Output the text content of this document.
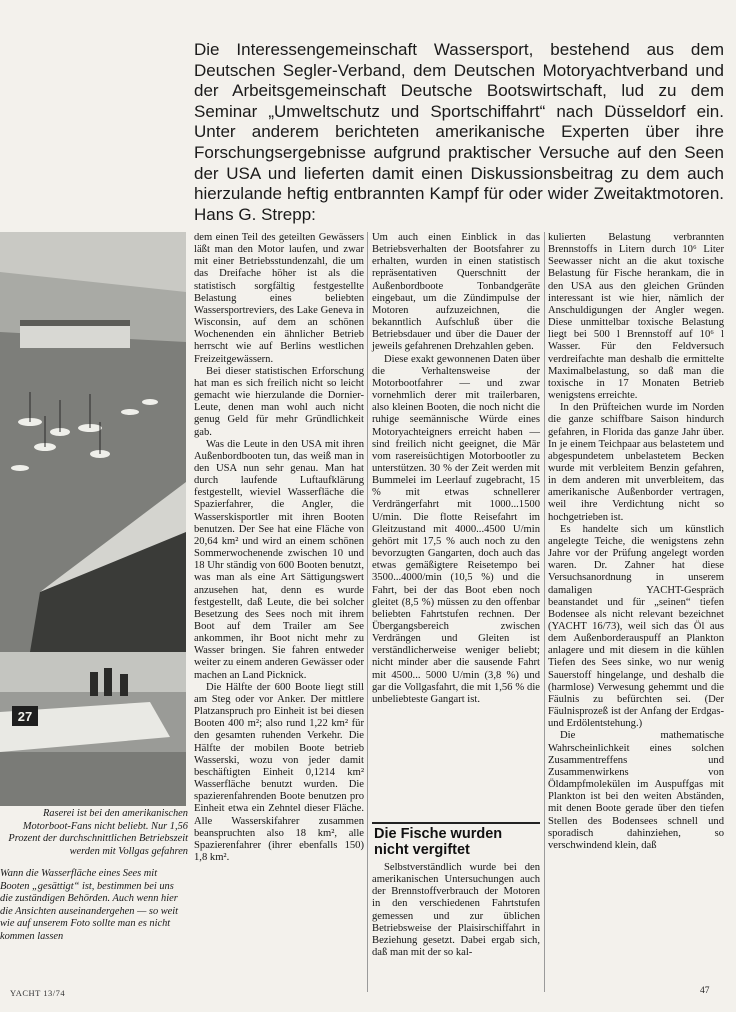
Die Interessengemeinschaft Wassersport, bestehend aus dem Deutschen Segler-Verband, dem Deutschen Motoryachtverband und der Arbeitsgemeinschaft Deutsche Bootswirtschaft, lud zu dem Seminar „Umweltschutz und Sportschiffahrt“ nach Düsseldorf ein. Unter anderem berichteten amerikanische Experten über ihre Forschungsergebnisse aufgrund praktischer Versuche auf den Seen der USA und lieferten damit einen Diskussionsbeitrag zu dem auch hierzulande heftig entbrannten Kampf für oder wider Zweitaktmotoren. Hans G. Strepp:

27

Raserei ist bei den amerikanischen Motorboot-Fans nicht beliebt. Nur 1,56 Prozent der durchschnittlichen Betriebszeit werden mit Vollgas gefahren

Wann die Wasserfläche eines Sees mit Booten „gesättigt“ ist, bestimmen bei uns die zuständigen Behörden. Auch wenn hier die Ansichten auseinandergehen — so weit wie auf unserem Foto sollte man es nicht kommen lassen

dem einen Teil des geteilten Gewässers läßt man den Motor laufen, und zwar mit einer Betriebsstundenzahl, die um das Dreifache höher ist als die statistisch sorgfältig festgestellte Belastung eines beliebten Wassersportreviers, des Lake Geneva in Wisconsin, auf dem an schönen Wochenenden ein ähnlicher Betrieb herrscht wie auf Berlins westlichen Freizeitgewässern.

Bei dieser statistischen Erforschung hat man es sich freilich nicht so leicht gemacht wie hierzulande die Dornier-Leute, denen man wohl auch nicht genug Geld für mehr Gründlichkeit gab.

Was die Leute in den USA mit ihren Außenbordbooten tun, das weiß man in den USA nun sehr genau. Man hat durch laufende Luftaufklärung festgestellt, wieviel Wasserfläche die Spazierfahrer, die Angler, die Wasserskisportler mit ihren Booten benutzen. Der See hat eine Fläche von 20,64 km² und wird an einem schönen Sommerwochenende zwischen 10 und 18 Uhr ständig von 600 Booten benutzt, was man als eine Art Sättigungswert anzusehen hat, denn es wurde festgestellt, daß Leute, die bei solcher Besetzung des Sees noch mit ihrem Boot auf dem Trailer am See ankommen, ihr Boot nicht mehr zu Wasser bringen. Sie fahren entweder weiter zu einem anderen Gewässer oder machen an Land Picknick.

Die Hälfte der 600 Boote liegt still am Steg oder vor Anker. Der mittlere Platzanspruch pro Einheit ist bei diesen Booten 400 m²; also rund 1,22 km² für den gesamten ruhenden Verkehr. Die Hälfte der mobilen Boote betrieb Wasserski, wozu von jeder damit beschäftigten Einheit 0,1214 km² Wasserfläche benutzt wurden. Die spazierenfahrenden Boote benutzen pro Einheit etwa ein Zehntel dieser Fläche. Alle Wasserskifahrer zusammen beanspruchten also 18 km², alle Spazierenfahrer (ihrer ebenfalls 150) 1,8 km².

Um auch einen Einblick in das Betriebsverhalten der Bootsfahrer zu erhalten, wurden in einen statistisch repräsentativen Querschnitt der Außenbordboote Tonbandgeräte eingebaut, um die Zündimpulse der Motoren aufzuzeichnen, die bekanntlich Aufschluß über die Betriebsdauer und über die Dauer der jeweils gefahrenen Drehzahlen geben.

Diese exakt gewonnenen Daten über die Verhaltensweise der Motorbootfahrer — und zwar vornehmlich derer mit trailerbaren, also kleinen Booten, die noch nicht die ruhige seemännische Würde eines Motoryachteigners erreicht haben — sind freilich nicht geeignet, die Mär vom rasereisüchtigen Motorbootler zu unterstützen. 30 % der Zeit werden mit Bummelei im Leerlauf zugebracht, 15 % mit etwas schnellerer Verdrängerfahrt mit 1000...1500 U/min. Die flotte Reisefahrt im Gleitzustand mit 4000...4500 U/min gehört mit 17,5 % auch noch zu den bevorzugten Gangarten, doch auch das etwas gemäßigtere Reisetempo bei 3500...4000/min (10,5 %) und die Fahrt, bei der das Boot eben noch gleitet (8,5 %) müssen zu den offenbar beliebten Fahrtstufen rechnen. Der Übergangsbereich zwischen Verdrängen und Gleiten ist verständlicherweise weniger beliebt; nicht minder aber die sausende Fahrt mit 4500... 5000 U/min (3,8 %) und gar die Vollgasfahrt, die mit 1,56 % die unbeliebteste Gangart ist.

Die Fische wurden nicht vergiftet

Selbstverständlich wurde bei den amerikanischen Untersuchungen auch der Brennstoffverbrauch der Motoren in den verschiedenen Fahrtstufen gemessen und zur üblichen Betriebsweise der Plaisirschiffahrt in Beziehung gesetzt. Dabei ergab sich, daß man mit der so kal-

kulierten Belastung verbrannten Brennstoffs in Litern durch 10⁶ Liter Seewasser nicht an die akut toxische Belastung für Fische herankam, die in den USA aus den gleichen Gründen interessant ist wie hier, nämlich der Anschuldigungen der Angler wegen. Diese unmittelbar toxische Belastung liegt bei 500 l Brennstoff auf 10⁶ l Wasser. Für den Feldversuch verdreifachte man deshalb die ermittelte Maximalbelastung, so daß man die toxische in 17 Monaten Betrieb wenigstens erreichte.

In den Prüfteichen wurde im Norden die ganze schiffbare Saison hindurch gefahren, in Florida das ganze Jahr über. In je einem Teichpaar aus belastetem und abgespundetem unbelastetem Becken wurde mit verbleitem Benzin gefahren, in dem anderen mit unverbleitem, das amerikanische Außenborder vertragen, weil ihre Verdichtung nicht so hochgetrieben ist.

Es handelte sich um künstlich angelegte Teiche, die wenigstens zehn Jahre vor der Prüfung angelegt worden waren. Dr. Zahner hat diese Versuchsanordnung in unserem damaligen YACHT-Gespräch beanstandet und für „seinen“ tiefen Bodensee als nicht relevant bezeichnet (YACHT 16/73), weil sich das Öl aus dem Außenborderauspuff an Plankton anlagere und mit diesem in die kühlen Tiefen des Sees sinke, wo nur wenig Sauerstoff hingelange, und deshalb die (harmlose) Verwesung gehemmt und die Fäulnis zu befürchten sei. (Der Fäulnisprozeß ist der Anfang der Erdgas- und Erdölentstehung.)

Die mathematische Wahrscheinlichkeit eines solchen Zusammentreffens und Zusammenwirkens von Öldampfmolekülen im Auspuffgas mit Plankton ist bei den weiten Abständen, mit denen Boote gerade über den tiefen Stellen des Bodensees schnell und sporadisch dahinziehen, so verschwindend klein, daß

YACHT 13/74	47
